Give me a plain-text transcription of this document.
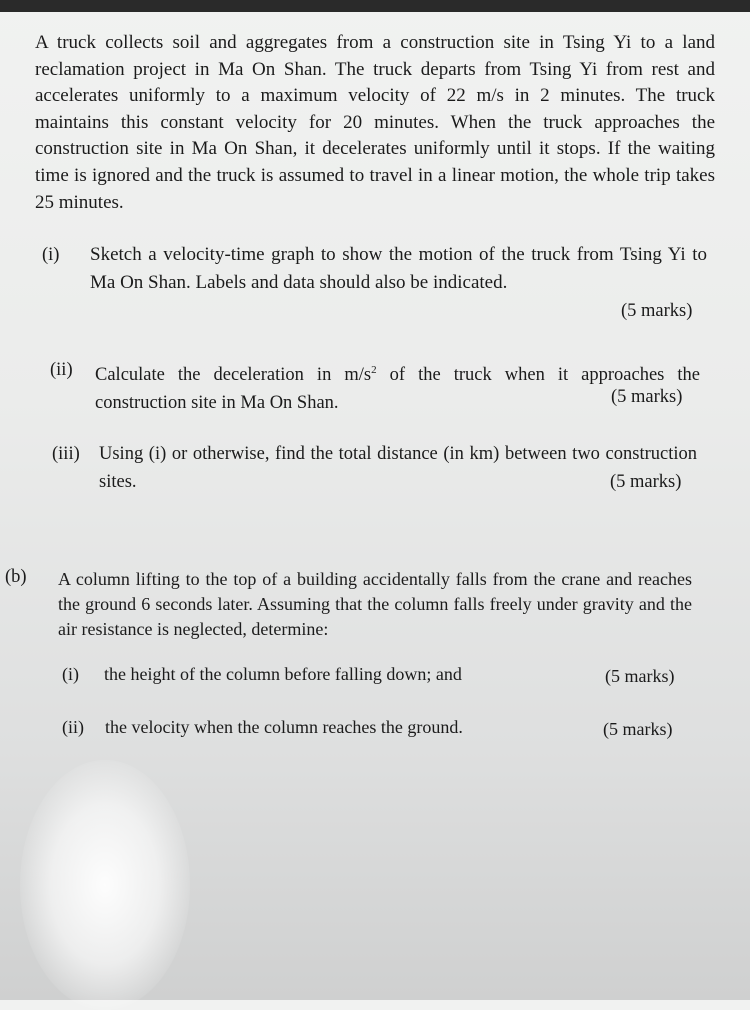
A truck collects soil and aggregates from a construction site in Tsing Yi to a land reclamation project in Ma On Shan. The truck departs from Tsing Yi from rest and accelerates uniformly to a maximum velocity of 22 m/s in 2 minutes. The truck maintains this constant velocity for 20 minutes. When the truck approaches the construction site in Ma On Shan, it decelerates uniformly until it stops. If the waiting time is ignored and the truck is assumed to travel in a linear motion, the whole trip takes 25 minutes.
(i) Sketch a velocity-time graph to show the motion of the truck from Tsing Yi to Ma On Shan. Labels and data should also be indicated.
(5 marks)
(ii) Calculate the deceleration in $m/s^2$ of the truck when it approaches the construction site in Ma On Shan.	(5 marks)
(iii) Using (i) or otherwise, find the total distance (in km) between two construction sites.	(5 marks)
(b) A column lifting to the top of a building accidentally falls from the crane and reaches the ground 6 seconds later. Assuming that the column falls freely under gravity and the air resistance is neglected, determine:
(i) the height of the column before falling down; and	(5 marks)
(ii) the velocity when the column reaches the ground.	(5 marks)
